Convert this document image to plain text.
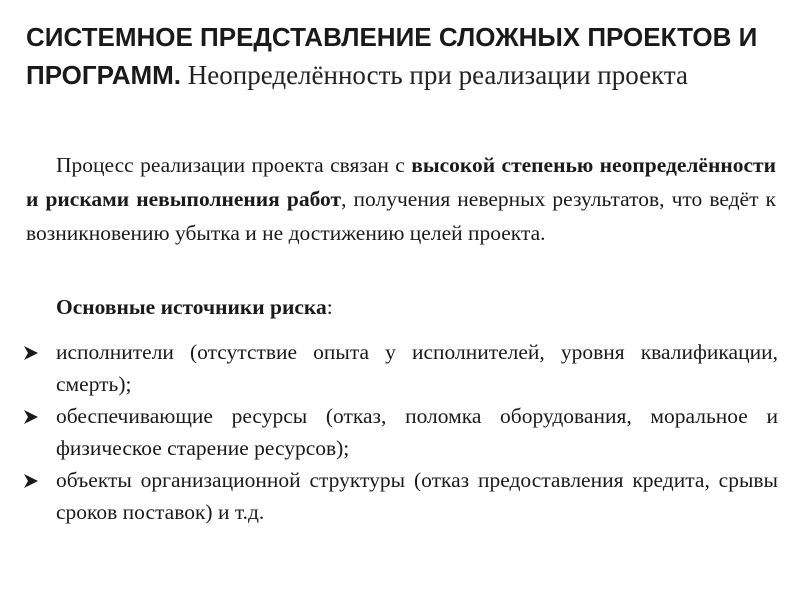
СИСТЕМНОЕ ПРЕДСТАВЛЕНИЕ СЛОЖНЫХ ПРОЕКТОВ И ПРОГРАММ. Неопределённость при реализации проекта

Процесс реализации проекта связан с высокой степенью неопределённости и рисками невыполнения работ, получения неверных результатов, что ведёт к возникновению убытка и не достижению целей проекта.

Основные источники риска:

исполнители (отсутствие опыта у исполнителей, уровня квалификации, смерть);
обеспечивающие ресурсы (отказ, поломка оборудования, моральное и физическое старение ресурсов);
объекты организационной структуры (отказ предоставления кредита, срывы сроков поставок) и т.д.
